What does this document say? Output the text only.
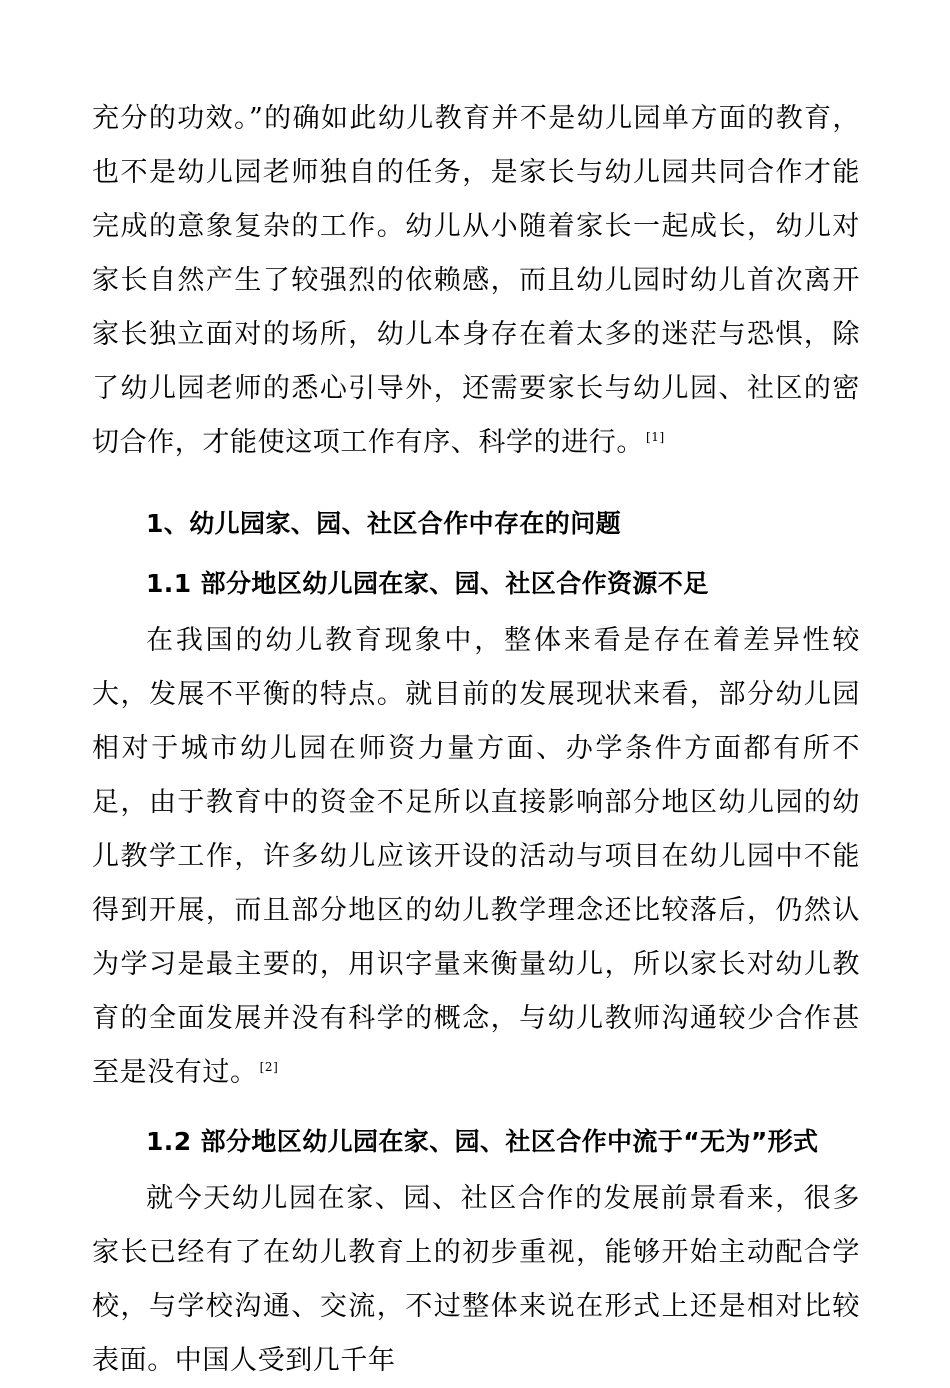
充分的功效。”的确如此幼儿教育并不是幼儿园单方面的教育，也不是幼儿园老师独自的任务，是家长与幼儿园共同合作才能完成的意象复杂的工作。幼儿从小随着家长一起成长，幼儿对家长自然产生了较强烈的依赖感，而且幼儿园时幼儿首次离开家长独立面对的场所，幼儿本身存在着太多的迷茫与恐惧，除了幼儿园老师的悉心引导外，还需要家长与幼儿园、社区的密切合作，才能使这项工作有序、科学的进行。 [1]

1、幼儿园家、园、社区合作中存在的问题
1.1 部分地区幼儿园在家、园、社区合作资源不足

在我国的幼儿教育现象中，整体来看是存在着差异性较大，发展不平衡的特点。就目前的发展现状来看，部分幼儿园相对于城市幼儿园在师资力量方面、办学条件方面都有所不足，由于教育中的资金不足所以直接影响部分地区幼儿园的幼儿教学工作，许多幼儿应该开设的活动与项目在幼儿园中不能得到开展，而且部分地区的幼儿教学理念还比较落后，仍然认为学习是最主要的，用识字量来衡量幼儿，所以家长对幼儿教育的全面发展并没有科学的概念，与幼儿教师沟通较少合作甚至是没有过。 [2]

1.2 部分地区幼儿园在家、园、社区合作中流于“无为”形式

就今天幼儿园在家、园、社区合作的发展前景看来，很多家长已经有了在幼儿教育上的初步重视，能够开始主动配合学校，与学校沟通、交流，不过整体来说在形式上还是相对比较表面。中国人受到几千年
